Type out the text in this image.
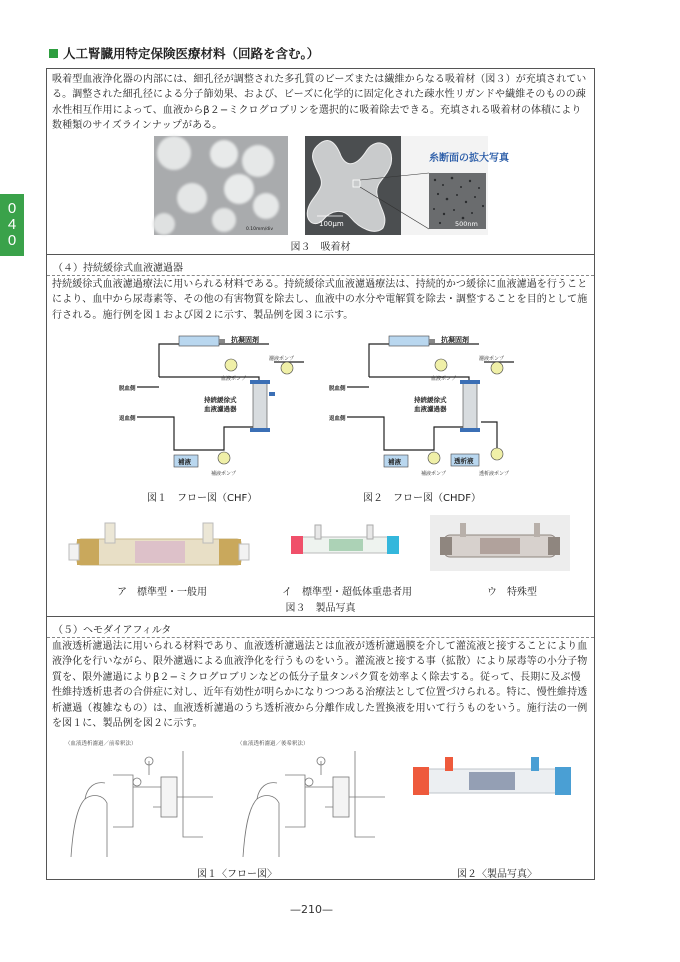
人工腎臓用特定保険医療材料（回路を含む。）
0
4
0
吸着型血液浄化器の内部には、細孔径が調整された多孔質のビーズまたは繊維からなる吸着材（図３）が充填されている。調整された細孔径による分子篩効果、および、ビーズに化学的に固定化された疎水性リガンドや繊維そのものの疎水性相互作用によって、血液からβ２−ミクログロブリンを選択的に吸着除去できる。充填される吸着材の体積により数種類のサイズラインナップがある。
0.10mm/div
糸断面の拡大写真
100μm	500nm
図３　吸着材
（４）持続緩徐式血液濾過器
持続緩徐式血液濾過療法に用いられる材料である。持続緩徐式血液濾過療法は、持続的かつ緩徐に血液濾過を行うことにより、血中から尿毒素等、その他の有害物質を除去し、血液中の水分や電解質を除去・調整することを目的として施行される。施行例を図１および図２に示す、製品例を図３に示す。
抗凝固剤
血液ポンプ
持続緩徐式
血液濾過器
濾液ポンプ
脱血側
返血側
補液
補液ポンプ
図１　フロー図（CHF）
抗凝固剤
血液ポンプ
持続緩徐式
血液濾過器
濾液ポンプ
脱血側
返血側
補液
補液ポンプ
透析液
透析液ポンプ
図２　フロー図（CHDF）
ア　標準型・一般用	イ　標準型・超低体重患者用	ウ　特殊型
図３　製品写真
（５）ヘモダイアフィルタ
血液透析濾過法に用いられる材料であり、血液透析濾過法とは血液が透析濾過膜を介して灌流液と接することにより血液浄化を行いながら、限外濾過による血液浄化を行うものをいう。灌流液と接する事（拡散）により尿毒等の小分子物質を、限外濾過によりβ２−ミクログロブリンなどの低分子量タンパク質を効率よく除去する。従って、長期に及ぶ慢性維持透析患者の合併症に対し、近年有効性が明らかになりつつある治療法として位置づけられる。特に、慢性維持透析濾過（複雑なもの）は、血液透析濾過のうち透析液から分離作成した置換液を用いて行うものをいう。施行法の一例を図１に、製品例を図２に示す。
（血液透析濾過／前希釈法）	（血液透析濾過／後希釈法）
図１〈フロー図〉	図２〈製品写真〉
—210—
